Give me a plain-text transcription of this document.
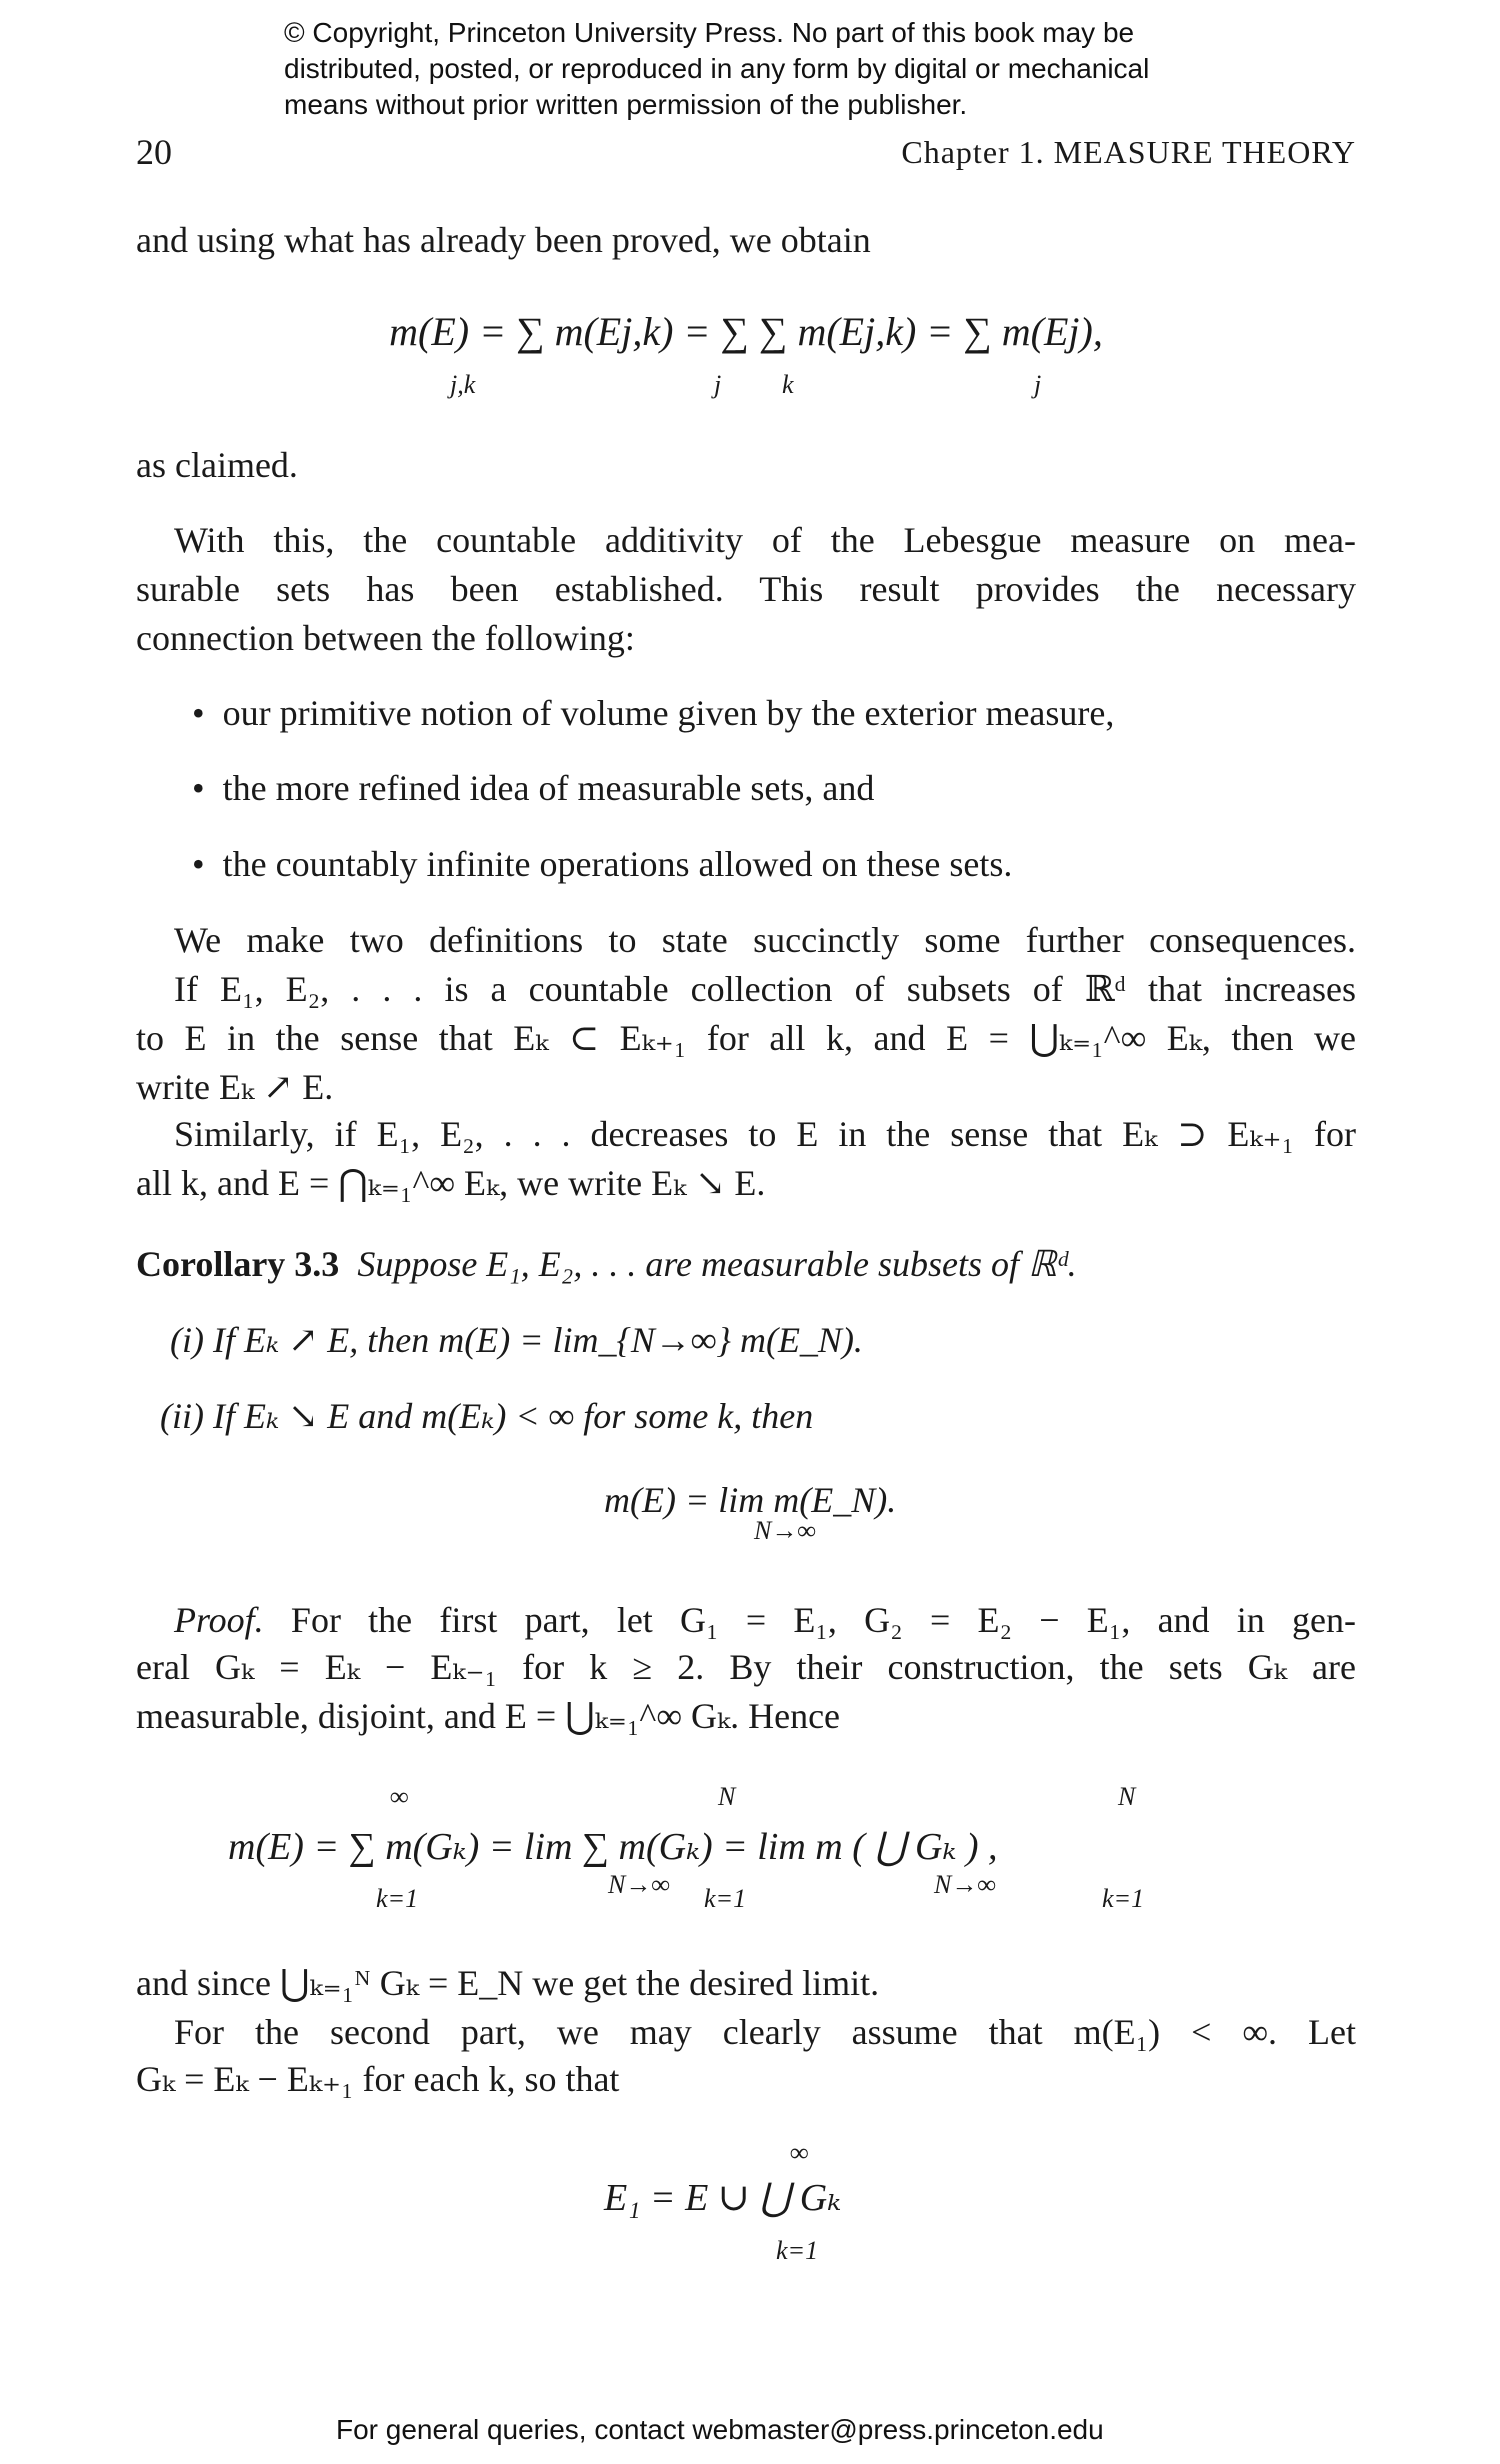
© Copyright, Princeton University Press. No part of this book may be
distributed, posted, or reproduced in any form by digital or mechanical
means without prior written permission of the publisher.
20	Chapter 1. MEASURE THEORY
and using what has already been proved, we obtain
m(E) = ∑ m(Ej,k) = ∑ ∑ m(Ej,k) = ∑ m(Ej),
j,k	j k	j
as claimed.
With this, the countable additivity of the Lebesgue measure on mea-
surable sets has been established. This result provides the necessary
connection between the following:
• our primitive notion of volume given by the exterior measure,
• the more refined idea of measurable sets, and
• the countably infinite operations allowed on these sets.
We make two definitions to state succinctly some further consequences.
If E₁, E₂, . . . is a countable collection of subsets of ℝᵈ that increases
to E in the sense that Eₖ ⊂ Eₖ₊₁ for all k, and E = ⋃ₖ₌₁^∞ Eₖ, then we
write Eₖ ↗ E.
Similarly, if E₁, E₂, . . . decreases to E in the sense that Eₖ ⊃ Eₖ₊₁ for
all k, and E = ⋂ₖ₌₁^∞ Eₖ, we write Eₖ ↘ E.
Corollary 3.3 Suppose E₁, E₂, . . . are measurable subsets of ℝᵈ.
(i) If Eₖ ↗ E, then m(E) = lim_{N→∞} m(E_N).
(ii) If Eₖ ↘ E and m(Eₖ) < ∞ for some k, then
m(E) = lim m(E_N).
N→∞
Proof. For the first part, let G₁ = E₁, G₂ = E₂ − E₁, and in gen-
eral Gₖ = Eₖ − Eₖ₋₁ for k ≥ 2. By their construction, the sets Gₖ are
measurable, disjoint, and E = ⋃ₖ₌₁^∞ Gₖ. Hence
m(E) = ∑ m(Gₖ) = lim ∑ m(Gₖ) = lim m ( ⋃ Gₖ ) ,
∞	N	N
k=1	N→∞ k=1	N→∞	k=1
and since ⋃ₖ₌₁ᴺ Gₖ = E_N we get the desired limit.
For the second part, we may clearly assume that m(E₁) < ∞. Let
Gₖ = Eₖ − Eₖ₊₁ for each k, so that
E₁ = E ∪ ⋃ Gₖ
∞
k=1
For general queries, contact webmaster@press.princeton.edu
